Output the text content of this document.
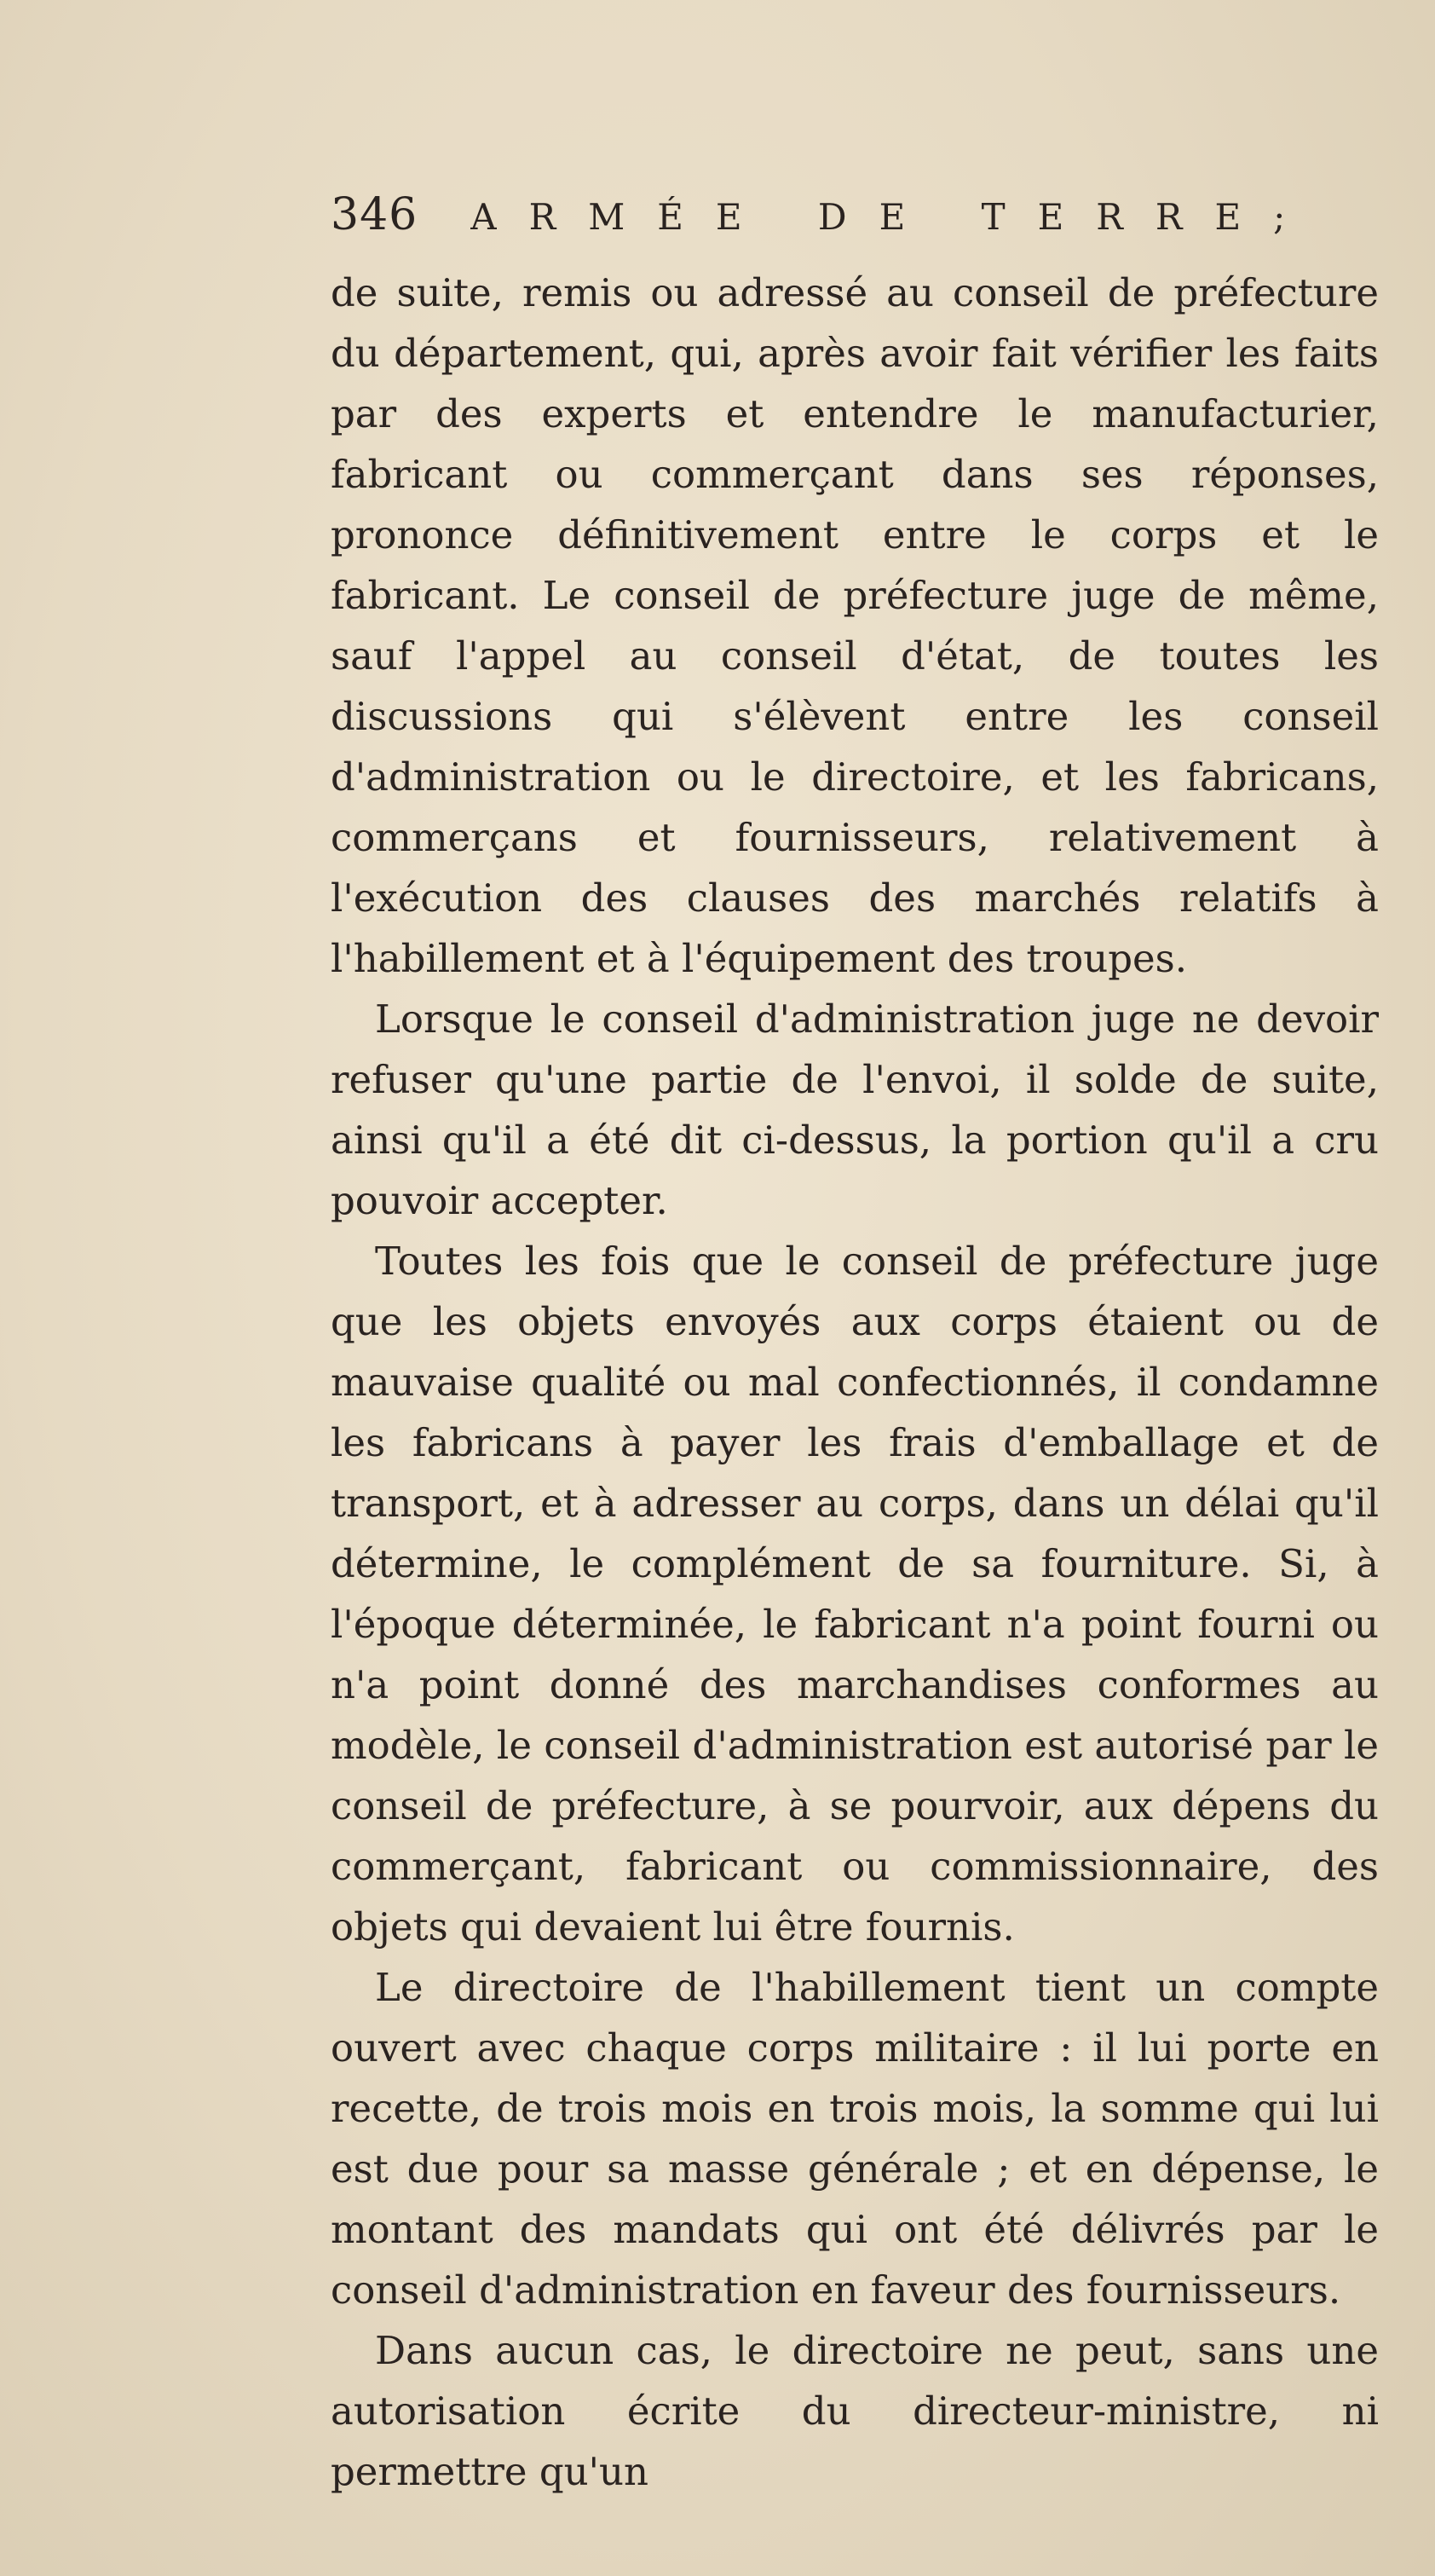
346 ARMÉE DE TERRE;

de suite, remis ou adressé au conseil de préfecture du département, qui, après avoir fait vérifier les faits par des experts et entendre le manufacturier, fabricant ou commerçant dans ses réponses, prononce définitivement entre le corps et le fabricant. Le conseil de préfecture juge de même, sauf l'appel au conseil d'état, de toutes les discussions qui s'élèvent entre les conseil d'administration ou le directoire, et les fabricans, commerçans et fournisseurs, relativement à l'exécution des clauses des marchés relatifs à l'habillement et à l'équipement des troupes.

Lorsque le conseil d'administration juge ne devoir refuser qu'une partie de l'envoi, il solde de suite, ainsi qu'il a été dit ci-dessus, la portion qu'il a cru pouvoir accepter.

Toutes les fois que le conseil de préfecture juge que les objets envoyés aux corps étaient ou de mauvaise qualité ou mal confectionnés, il condamne les fabricans à payer les frais d'emballage et de transport, et à adresser au corps, dans un délai qu'il détermine, le complément de sa fourniture. Si, à l'époque déterminée, le fabricant n'a point fourni ou n'a point donné des marchandises conformes au modèle, le conseil d'administration est autorisé par le conseil de préfecture, à se pourvoir, aux dépens du commerçant, fabricant ou commissionnaire, des objets qui devaient lui être fournis.

Le directoire de l'habillement tient un compte ouvert avec chaque corps militaire : il lui porte en recette, de trois mois en trois mois, la somme qui lui est due pour sa masse générale ; et en dépense, le montant des mandats qui ont été délivrés par le conseil d'administration en faveur des fournisseurs.

Dans aucun cas, le directoire ne peut, sans une autorisation écrite du directeur-ministre, ni permettre qu'un
